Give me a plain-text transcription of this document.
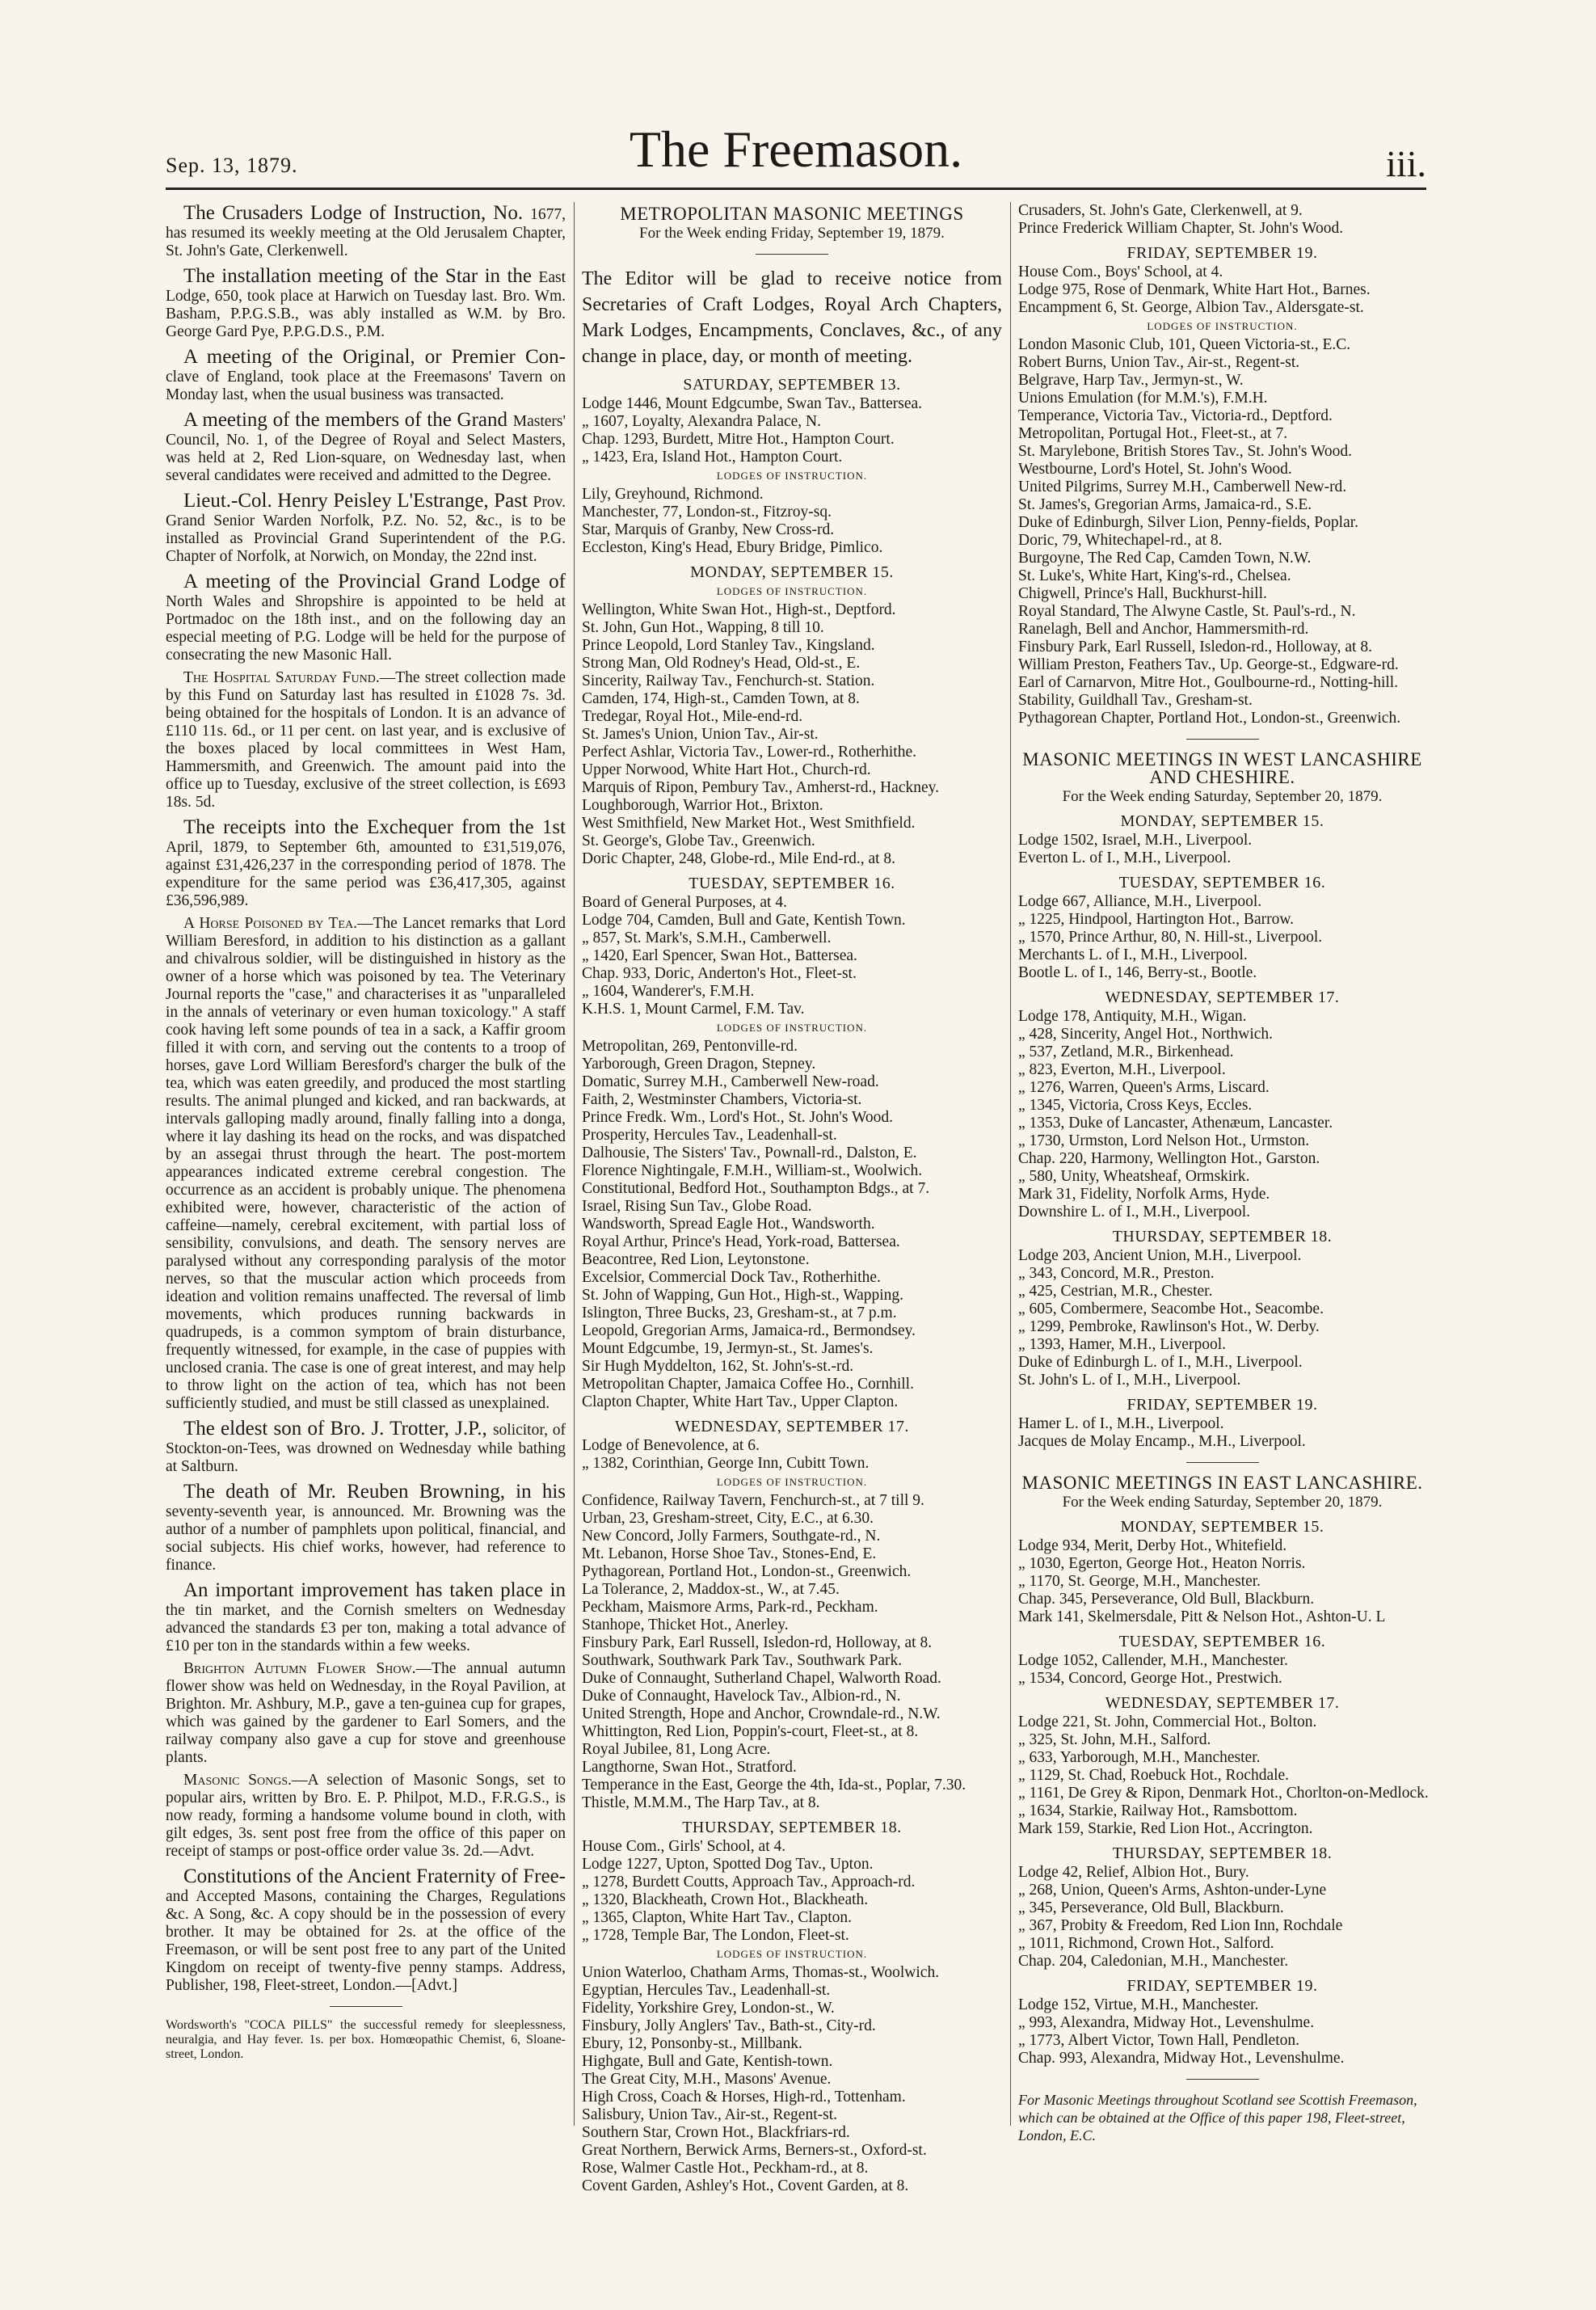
Sep. 13, 1879.	The Freemason.	iii.

The Crusaders Lodge of Instruction, No. 1677, has resumed its weekly meeting at the Old Jerusalem Chapter, St. John's Gate, Clerkenwell.

The installation meeting of the Star in the East Lodge, 650, took place at Harwich on Tuesday last. Bro. Wm. Basham, P.P.G.S.B., was ably installed as W.M. by Bro. George Gard Pye, P.P.G.D.S., P.M.

A meeting of the Original, or Premier Con- clave of England, took place at the Freemasons' Tavern on Monday last, when the usual business was transacted.

A meeting of the members of the Grand Masters' Council, No. 1, of the Degree of Royal and Select Masters, was held at 2, Red Lion-square, on Wednesday last, when several candidates were received and admitted to the Degree.

Lieut.-Col. Henry Peisley L'Estrange, Past Prov. Grand Senior Warden Norfolk, P.Z. No. 52, &c., is to be installed as Provincial Grand Superintendent of the P.G. Chapter of Norfolk, at Norwich, on Monday, the 22nd inst.

A meeting of the Provincial Grand Lodge of North Wales and Shropshire is appointed to be held at Portmadoc on the 18th inst., and on the following day an especial meeting of P.G. Lodge will be held for the purpose of consecrating the new Masonic Hall.

The Hospital Saturday Fund.—The street collection made by this Fund on Saturday last has resulted in £1028 7s. 3d. being obtained for the hospitals of London. It is an advance of £110 11s. 6d., or 11 per cent. on last year, and is exclusive of the boxes placed by local committees in West Ham, Hammersmith, and Greenwich. The amount paid into the office up to Tuesday, exclusive of the street collection, is £693 18s. 5d.

The receipts into the Exchequer from the 1st April, 1879, to September 6th, amounted to £31,519,076, against £31,426,237 in the corresponding period of 1878. The expenditure for the same period was £36,417,305, against £36,596,989.

A Horse Poisoned by Tea.—The Lancet remarks that Lord William Beresford, in addition to his distinction as a gallant and chivalrous soldier, will be distinguished in history as the owner of a horse which was poisoned by tea. The Veterinary Journal reports the "case," and characterises it as "unparalleled in the annals of veterinary or even human toxicology." A staff cook having left some pounds of tea in a sack, a Kaffir groom filled it with corn, and serving out the contents to a troop of horses, gave Lord William Beresford's charger the bulk of the tea, which was eaten greedily, and produced the most startling results. The animal plunged and kicked, and ran backwards, at intervals galloping madly around, finally falling into a donga, where it lay dashing its head on the rocks, and was dispatched by an assegai thrust through the heart. The post-mortem appearances indicated extreme cerebral congestion. The occurrence as an accident is probably unique. The phenomena exhibited were, however, characteristic of the action of caffeine—namely, cerebral excitement, with partial loss of sensibility, convulsions, and death. The sensory nerves are paralysed without any corresponding paralysis of the motor nerves, so that the muscular action which proceeds from ideation and volition remains unaffected. The reversal of limb movements, which produces running backwards in quadrupeds, is a common symptom of brain disturbance, frequently witnessed, for example, in the case of puppies with unclosed crania. The case is one of great interest, and may help to throw light on the action of tea, which has not been sufficiently studied, and must be still classed as unexplained.

The eldest son of Bro. J. Trotter, J.P., solicitor, of Stockton-on-Tees, was drowned on Wednesday while bathing at Saltburn.

The death of Mr. Reuben Browning, in his seventy-seventh year, is announced. Mr. Browning was the author of a number of pamphlets upon political, financial, and social subjects. His chief works, however, had reference to finance.

An important improvement has taken place in the tin market, and the Cornish smelters on Wednesday advanced the standards £3 per ton, making a total advance of £10 per ton in the standards within a few weeks.

Brighton Autumn Flower Show.—The annual autumn flower show was held on Wednesday, in the Royal Pavilion, at Brighton. Mr. Ashbury, M.P., gave a ten-guinea cup for grapes, which was gained by the gardener to Earl Somers, and the railway company also gave a cup for stove and greenhouse plants.

Masonic Songs.—A selection of Masonic Songs, set to popular airs, written by Bro. E. P. Philpot, M.D., F.R.G.S., is now ready, forming a handsome volume bound in cloth, with gilt edges, 3s. sent post free from the office of this paper on receipt of stamps or post-office order value 3s. 2d.—Advt.

Constitutions of the Ancient Fraternity of Free- and Accepted Masons, containing the Charges, Regulations &c. A Song, &c. A copy should be in the possession of every brother. It may be obtained for 2s. at the office of the Freemason, or will be sent post free to any part of the United Kingdom on receipt of twenty-five penny stamps. Address, Publisher, 198, Fleet-street, London.—[Advt.]

Wordsworth's "COCA PILLS" the successful remedy for sleeplessness, neuralgia, and Hay fever. 1s. per box. Homœopathic Chemist, 6, Sloane-street, London.

METROPOLITAN MASONIC MEETINGS
For the Week ending Friday, September 19, 1879.

The Editor will be glad to receive notice from Secretaries of Craft Lodges, Royal Arch Chapters, Mark Lodges, Encampments, Conclaves, &c., of any change in place, day, or month of meeting.

SATURDAY, SEPTEMBER 13.
Lodge 1446, Mount Edgcumbe, Swan Tav., Battersea.
„ 1607, Loyalty, Alexandra Palace, N.
Chap. 1293, Burdett, Mitre Hot., Hampton Court.
„ 1423, Era, Island Hot., Hampton Court.
LODGES OF INSTRUCTION.
Lily, Greyhound, Richmond.
Manchester, 77, London-st., Fitzroy-sq.
Star, Marquis of Granby, New Cross-rd.
Eccleston, King's Head, Ebury Bridge, Pimlico.
MONDAY, SEPTEMBER 15.
LODGES OF INSTRUCTION.
Wellington, White Swan Hot., High-st., Deptford.
St. John, Gun Hot., Wapping, 8 till 10.
Prince Leopold, Lord Stanley Tav., Kingsland.
Strong Man, Old Rodney's Head, Old-st., E.
Sincerity, Railway Tav., Fenchurch-st. Station.
Camden, 174, High-st., Camden Town, at 8.
Tredegar, Royal Hot., Mile-end-rd.
St. James's Union, Union Tav., Air-st.
Perfect Ashlar, Victoria Tav., Lower-rd., Rotherhithe.
Upper Norwood, White Hart Hot., Church-rd.
Marquis of Ripon, Pembury Tav., Amherst-rd., Hackney.
Loughborough, Warrior Hot., Brixton.
West Smithfield, New Market Hot., West Smithfield.
St. George's, Globe Tav., Greenwich.
Doric Chapter, 248, Globe-rd., Mile End-rd., at 8.
TUESDAY, SEPTEMBER 16.
Board of General Purposes, at 4.
Lodge 704, Camden, Bull and Gate, Kentish Town.
„ 857, St. Mark's, S.M.H., Camberwell.
„ 1420, Earl Spencer, Swan Hot., Battersea.
Chap. 933, Doric, Anderton's Hot., Fleet-st.
„ 1604, Wanderer's, F.M.H.
K.H.S. 1, Mount Carmel, F.M. Tav.
LODGES OF INSTRUCTION.
Metropolitan, 269, Pentonville-rd.
Yarborough, Green Dragon, Stepney.
Domatic, Surrey M.H., Camberwell New-road.
Faith, 2, Westminster Chambers, Victoria-st.
Prince Fredk. Wm., Lord's Hot., St. John's Wood.
Prosperity, Hercules Tav., Leadenhall-st.
Dalhousie, The Sisters' Tav., Pownall-rd., Dalston, E.
Florence Nightingale, F.M.H., William-st., Woolwich.
Constitutional, Bedford Hot., Southampton Bdgs., at 7.
Israel, Rising Sun Tav., Globe Road.
Wandsworth, Spread Eagle Hot., Wandsworth.
Royal Arthur, Prince's Head, York-road, Battersea.
Beacontree, Red Lion, Leytonstone.
Excelsior, Commercial Dock Tav., Rotherhithe.
St. John of Wapping, Gun Hot., High-st., Wapping.
Islington, Three Bucks, 23, Gresham-st., at 7 p.m.
Leopold, Gregorian Arms, Jamaica-rd., Bermondsey.
Mount Edgcumbe, 19, Jermyn-st., St. James's.
Sir Hugh Myddelton, 162, St. John's-st.-rd.
Metropolitan Chapter, Jamaica Coffee Ho., Cornhill.
Clapton Chapter, White Hart Tav., Upper Clapton.
WEDNESDAY, SEPTEMBER 17.
Lodge of Benevolence, at 6.
„ 1382, Corinthian, George Inn, Cubitt Town.
LODGES OF INSTRUCTION.
Confidence, Railway Tavern, Fenchurch-st., at 7 till 9.
Urban, 23, Gresham-street, City, E.C., at 6.30.
New Concord, Jolly Farmers, Southgate-rd., N.
Mt. Lebanon, Horse Shoe Tav., Stones-End, E.
Pythagorean, Portland Hot., London-st., Greenwich.
La Tolerance, 2, Maddox-st., W., at 7.45.
Peckham, Maismore Arms, Park-rd., Peckham.
Stanhope, Thicket Hot., Anerley.
Finsbury Park, Earl Russell, Isledon-rd, Holloway, at 8.
Southwark, Southwark Park Tav., Southwark Park.
Duke of Connaught, Sutherland Chapel, Walworth Road.
Duke of Connaught, Havelock Tav., Albion-rd., N.
United Strength, Hope and Anchor, Crowndale-rd., N.W.
Whittington, Red Lion, Poppin's-court, Fleet-st., at 8.
Royal Jubilee, 81, Long Acre.
Langthorne, Swan Hot., Stratford.
Temperance in the East, George the 4th, Ida-st., Poplar, 7.30.
Thistle, M.M.M., The Harp Tav., at 8.
THURSDAY, SEPTEMBER 18.
House Com., Girls' School, at 4.
Lodge 1227, Upton, Spotted Dog Tav., Upton.
„ 1278, Burdett Coutts, Approach Tav., Approach-rd.
„ 1320, Blackheath, Crown Hot., Blackheath.
„ 1365, Clapton, White Hart Tav., Clapton.
„ 1728, Temple Bar, The London, Fleet-st.
LODGES OF INSTRUCTION.
Union Waterloo, Chatham Arms, Thomas-st., Woolwich.
Egyptian, Hercules Tav., Leadenhall-st.
Fidelity, Yorkshire Grey, London-st., W.
Finsbury, Jolly Anglers' Tav., Bath-st., City-rd.
Ebury, 12, Ponsonby-st., Millbank.
Highgate, Bull and Gate, Kentish-town.
The Great City, M.H., Masons' Avenue.
High Cross, Coach & Horses, High-rd., Tottenham.
Salisbury, Union Tav., Air-st., Regent-st.
Southern Star, Crown Hot., Blackfriars-rd.
Great Northern, Berwick Arms, Berners-st., Oxford-st.
Rose, Walmer Castle Hot., Peckham-rd., at 8.
Covent Garden, Ashley's Hot., Covent Garden, at 8.
Crusaders, St. John's Gate, Clerkenwell, at 9.
Prince Frederick William Chapter, St. John's Wood.
FRIDAY, SEPTEMBER 19.
House Com., Boys' School, at 4.
Lodge 975, Rose of Denmark, White Hart Hot., Barnes.
Encampment 6, St. George, Albion Tav., Aldersgate-st.
LODGES OF INSTRUCTION.
London Masonic Club, 101, Queen Victoria-st., E.C.
Robert Burns, Union Tav., Air-st., Regent-st.
Belgrave, Harp Tav., Jermyn-st., W.
Unions Emulation (for M.M.'s), F.M.H.
Temperance, Victoria Tav., Victoria-rd., Deptford.
Metropolitan, Portugal Hot., Fleet-st., at 7.
St. Marylebone, British Stores Tav., St. John's Wood.
Westbourne, Lord's Hotel, St. John's Wood.
United Pilgrims, Surrey M.H., Camberwell New-rd.
St. James's, Gregorian Arms, Jamaica-rd., S.E.
Duke of Edinburgh, Silver Lion, Penny-fields, Poplar.
Doric, 79, Whitechapel-rd., at 8.
Burgoyne, The Red Cap, Camden Town, N.W.
St. Luke's, White Hart, King's-rd., Chelsea.
Chigwell, Prince's Hall, Buckhurst-hill.
Royal Standard, The Alwyne Castle, St. Paul's-rd., N.
Ranelagh, Bell and Anchor, Hammersmith-rd.
Finsbury Park, Earl Russell, Isledon-rd., Holloway, at 8.
William Preston, Feathers Tav., Up. George-st., Edgware-rd.
Earl of Carnarvon, Mitre Hot., Goulbourne-rd., Notting-hill.
Stability, Guildhall Tav., Gresham-st.
Pythagorean Chapter, Portland Hot., London-st., Greenwich.
MASONIC MEETINGS IN WEST LANCASHIRE AND CHESHIRE.
For the Week ending Saturday, September 20, 1879.
MONDAY, SEPTEMBER 15.
Lodge 1502, Israel, M.H., Liverpool.
Everton L. of I., M.H., Liverpool.
TUESDAY, SEPTEMBER 16.
Lodge 667, Alliance, M.H., Liverpool.
„ 1225, Hindpool, Hartington Hot., Barrow.
„ 1570, Prince Arthur, 80, N. Hill-st., Liverpool.
Merchants L. of I., M.H., Liverpool.
Bootle L. of I., 146, Berry-st., Bootle.
WEDNESDAY, SEPTEMBER 17.
Lodge 178, Antiquity, M.H., Wigan.
„ 428, Sincerity, Angel Hot., Northwich.
„ 537, Zetland, M.R., Birkenhead.
„ 823, Everton, M.H., Liverpool.
„ 1276, Warren, Queen's Arms, Liscard.
„ 1345, Victoria, Cross Keys, Eccles.
„ 1353, Duke of Lancaster, Athenæum, Lancaster.
„ 1730, Urmston, Lord Nelson Hot., Urmston.
Chap. 220, Harmony, Wellington Hot., Garston.
„ 580, Unity, Wheatsheaf, Ormskirk.
Mark 31, Fidelity, Norfolk Arms, Hyde.
Downshire L. of I., M.H., Liverpool.
THURSDAY, SEPTEMBER 18.
Lodge 203, Ancient Union, M.H., Liverpool.
„ 343, Concord, M.R., Preston.
„ 425, Cestrian, M.R., Chester.
„ 605, Combermere, Seacombe Hot., Seacombe.
„ 1299, Pembroke, Rawlinson's Hot., W. Derby.
„ 1393, Hamer, M.H., Liverpool.
Duke of Edinburgh L. of I., M.H., Liverpool.
St. John's L. of I., M.H., Liverpool.
FRIDAY, SEPTEMBER 19.
Hamer L. of I., M.H., Liverpool.
Jacques de Molay Encamp., M.H., Liverpool.
MASONIC MEETINGS IN EAST LANCASHIRE.
For the Week ending Saturday, September 20, 1879.
MONDAY, SEPTEMBER 15.
Lodge 934, Merit, Derby Hot., Whitefield.
„ 1030, Egerton, George Hot., Heaton Norris.
„ 1170, St. George, M.H., Manchester.
Chap. 345, Perseverance, Old Bull, Blackburn.
Mark 141, Skelmersdale, Pitt & Nelson Hot., Ashton-U. L
TUESDAY, SEPTEMBER 16.
Lodge 1052, Callender, M.H., Manchester.
„ 1534, Concord, George Hot., Prestwich.
WEDNESDAY, SEPTEMBER 17.
Lodge 221, St. John, Commercial Hot., Bolton.
„ 325, St. John, M.H., Salford.
„ 633, Yarborough, M.H., Manchester.
„ 1129, St. Chad, Roebuck Hot., Rochdale.
„ 1161, De Grey & Ripon, Denmark Hot., Chorlton-on-Medlock.
„ 1634, Starkie, Railway Hot., Ramsbottom.
Mark 159, Starkie, Red Lion Hot., Accrington.
THURSDAY, SEPTEMBER 18.
Lodge 42, Relief, Albion Hot., Bury.
„ 268, Union, Queen's Arms, Ashton-under-Lyne
„ 345, Perseverance, Old Bull, Blackburn.
„ 367, Probity & Freedom, Red Lion Inn, Rochdale
„ 1011, Richmond, Crown Hot., Salford.
Chap. 204, Caledonian, M.H., Manchester.
FRIDAY, SEPTEMBER 19.
Lodge 152, Virtue, M.H., Manchester.
„ 993, Alexandra, Midway Hot., Levenshulme.
„ 1773, Albert Victor, Town Hall, Pendleton.
Chap. 993, Alexandra, Midway Hot., Levenshulme.

For Masonic Meetings throughout Scotland see Scottish Freemason, which can be obtained at the Office of this paper 198, Fleet-street, London, E.C.
